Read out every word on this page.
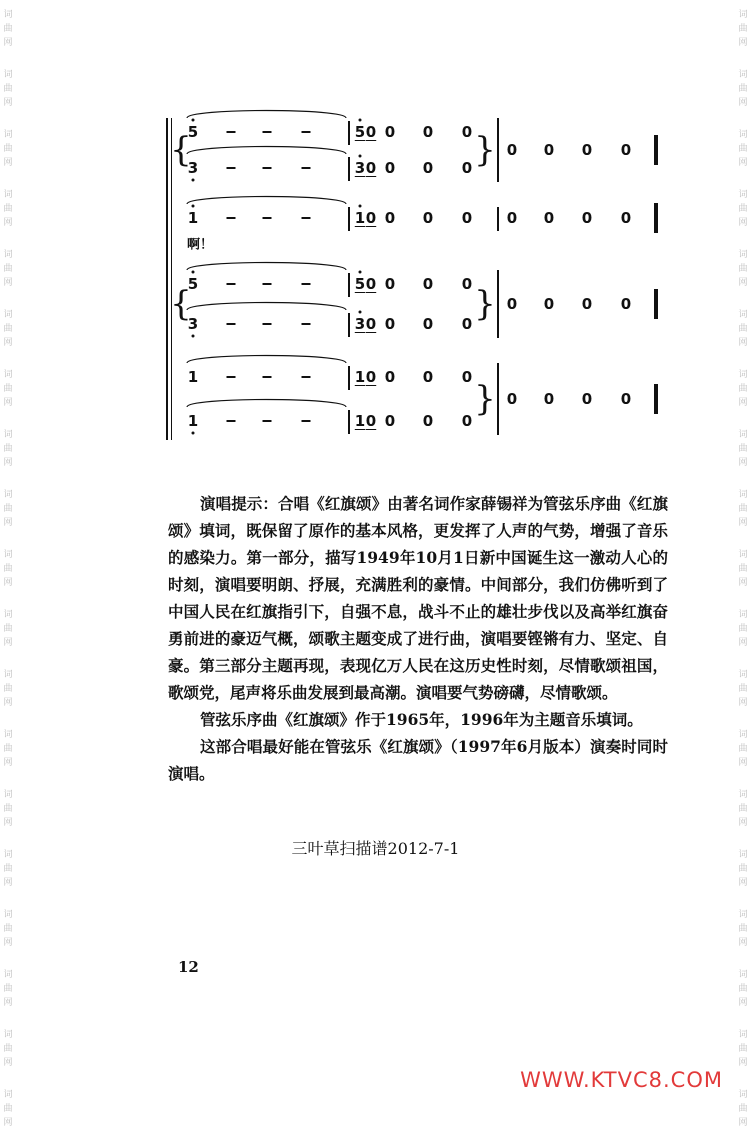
词
曲
网
词
曲
网
词
曲
网
词
曲
网
词
曲
网
词
曲
网
词
曲
网
词
曲
网
词
曲
网
词
曲
网
词
曲
网
词
曲
网
词
曲
网
词
曲
网
词
曲
网
词
曲
网
词
曲
网
词
曲
网
词
曲
网
词
曲
网
词
曲
网
词
曲
网
词
曲
网
词
曲
网
词
曲
网
词
曲
网
词
曲
网
词
曲
网
词
曲
网
词
曲
网
词
曲
网
词
曲
网
词
曲
网
词
曲
网
词
曲
网
词
曲
网
词
曲
网
词
曲
网
5	5 0 0 0 0
3	3 0 0 0 0
{	} 0 0 0 0
1	1 0 0 0 0 0 0 0 0
5	5 0 0 0 0
3	3 0 0 0 0
{	} 0 0 0 0
1	1 0 0 0 0
1	1 0 0 0 0
} 0 0 0 0
啊！

演唱提示：合唱《红旗颂》由著名词作家薛锡祥为管弦乐序曲《红旗颂》填词，既保留了原作的基本风格，更发挥了人声的气势，增强了音乐的感染力。第一部分，描写1949年10月1日新中国诞生这一激动人心的时刻，演唱要明朗、抒展，充满胜利的豪情。中间部分，我们仿佛听到了中国人民在红旗指引下，自强不息，战斗不止的雄壮步伐以及高举红旗奋勇前进的豪迈气概，颂歌主题变成了进行曲，演唱要铿锵有力、坚定、自豪。第三部分主题再现，表现亿万人民在这历史性时刻，尽情歌颂祖国，歌颂党，尾声将乐曲发展到最高潮。演唱要气势磅礴，尽情歌颂。

管弦乐序曲《红旗颂》作于1965年，1996年为主题音乐填词。

这部合唱最好能在管弦乐《红旗颂》（1997年6月版本）演奏时同时演唱。

三叶草扫描谱2012-7-1
12
WWW.KTVC8.COM
